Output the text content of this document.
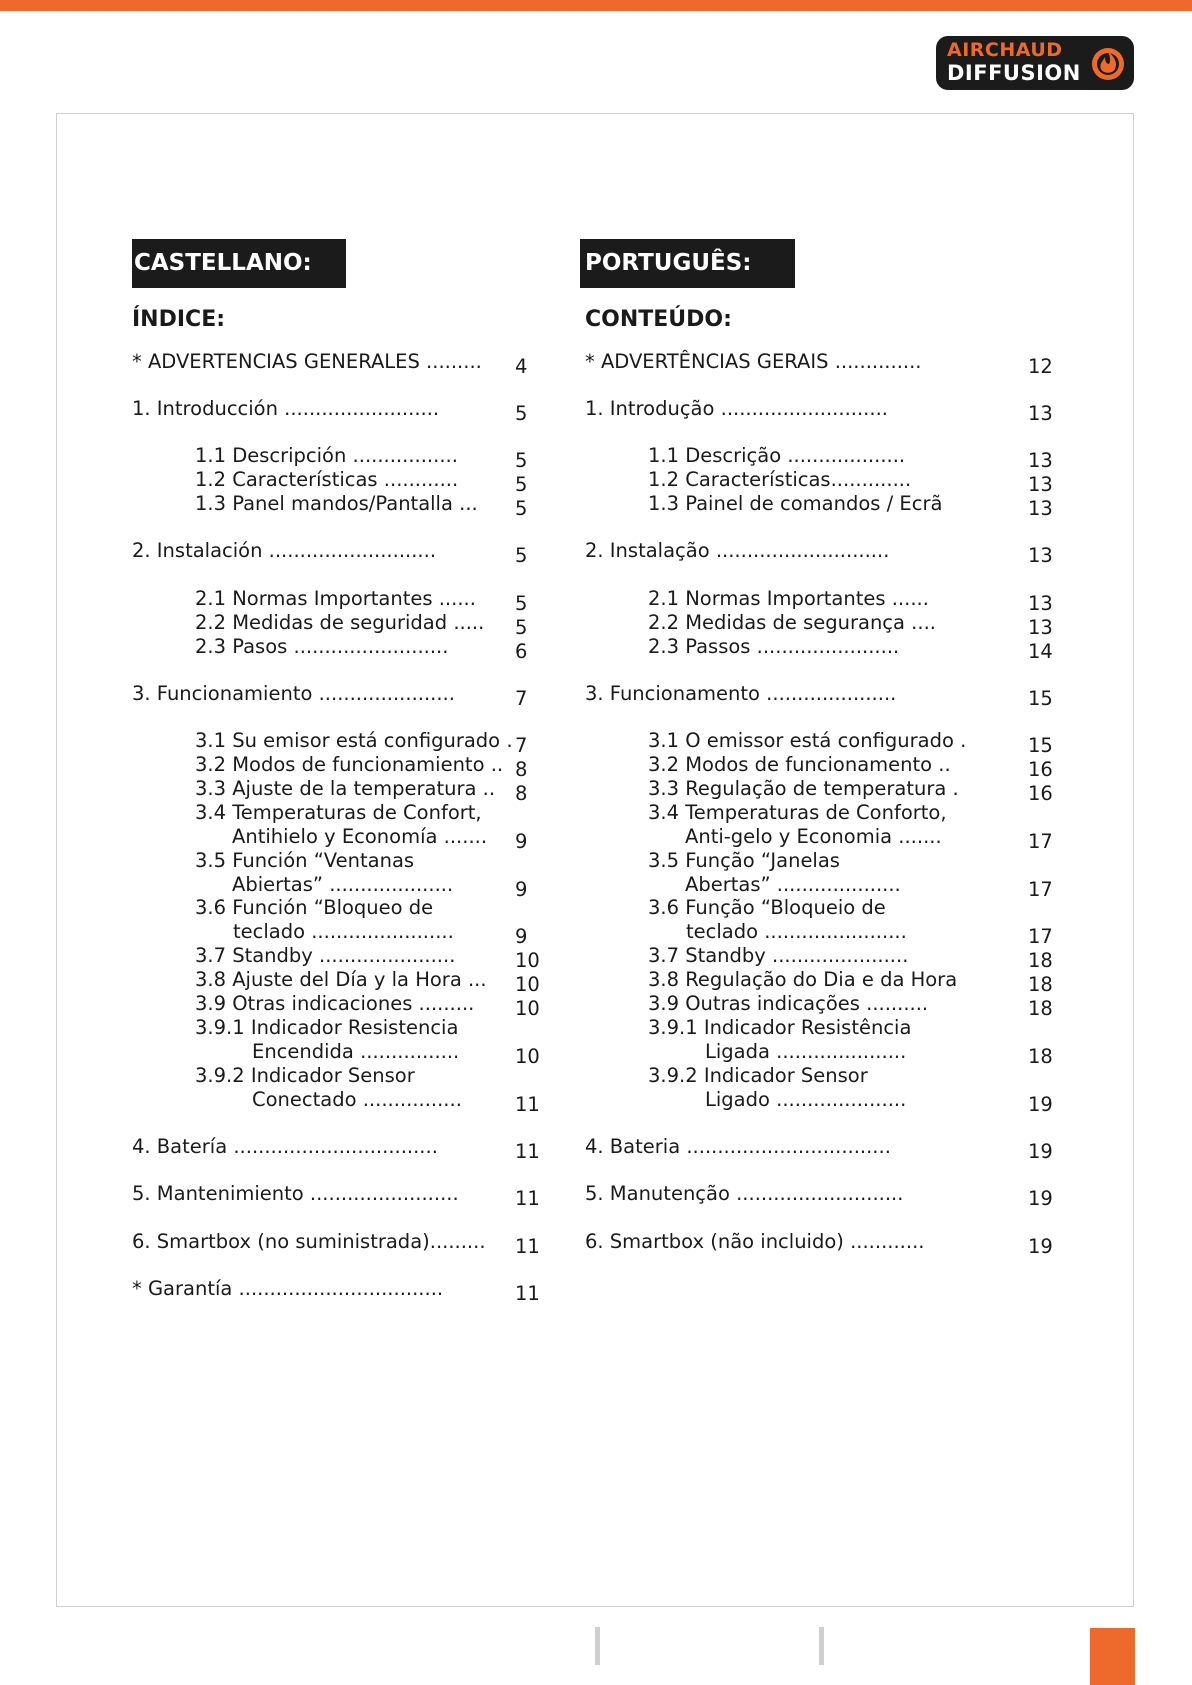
AIRCHAUD
DIFFUSION
CASTELLANO:
ÍNDICE:
* ADVERTENCIAS GENERALES ......... 4
1. Introducción .........................	5
1.1 Descripción .................	5
1.2 Características ............	5
1.3 Panel mandos/Pantalla ... 5
2. Instalación ...........................	5
2.1 Normas Importantes ...... 5
2.2 Medidas de seguridad ..... 5
2.3 Pasos .........................	6
3. Funcionamiento ......................	7
3.1 Su emisor está configurado . 7
3.2 Modos de funcionamiento .. 8
3.3 Ajuste de la temperatura .. 8
3.4 Temperaturas de Confort,
Antihielo y Economía ....... 9
3.5 Función “Ventanas
Abiertas” ....................	9
3.6 Función “Bloqueo de
teclado .......................	9
3.7 Standby ......................	10
3.8 Ajuste del Día y la Hora ... 10
3.9 Otras indicaciones ......... 10
3.9.1 Indicador Resistencia
Encendida ................	10
3.9.2 Indicador Sensor
Conectado ................	11
4. Batería .................................	11
5. Mantenimiento ........................	11
6. Smartbox (no suministrada)......... 11
* Garantía .................................	11
PORTUGUÊS:
CONTEÚDO:
* ADVERTÊNCIAS GERAIS ..............	12
1. Introdução ...........................	13
1.1 Descrição ...................	13
1.2 Características.............	13
1.3 Painel de comandos / Ecrã	13
2. Instalação ............................	13
2.1 Normas Importantes ......	13
2.2 Medidas de segurança ....	13
2.3 Passos .......................	14
3. Funcionamento .....................	15
3.1 O emissor está configurado .	15
3.2 Modos de funcionamento ..	16
3.3 Regulação de temperatura .	16
3.4 Temperaturas de Conforto,
Anti-gelo y Economia .......	17
3.5 Função “Janelas
Abertas” ....................	17
3.6 Função “Bloqueio de
teclado .......................	17
3.7 Standby ......................	18
3.8 Regulação do Dia e da Hora	18
3.9 Outras indicações ..........	18
3.9.1 Indicador Resistência
Ligada .....................	18
3.9.2 Indicador Sensor
Ligado .....................	19
4. Bateria .................................	19
5. Manutenção ...........................	19
6. Smartbox (não incluido) ............	19
